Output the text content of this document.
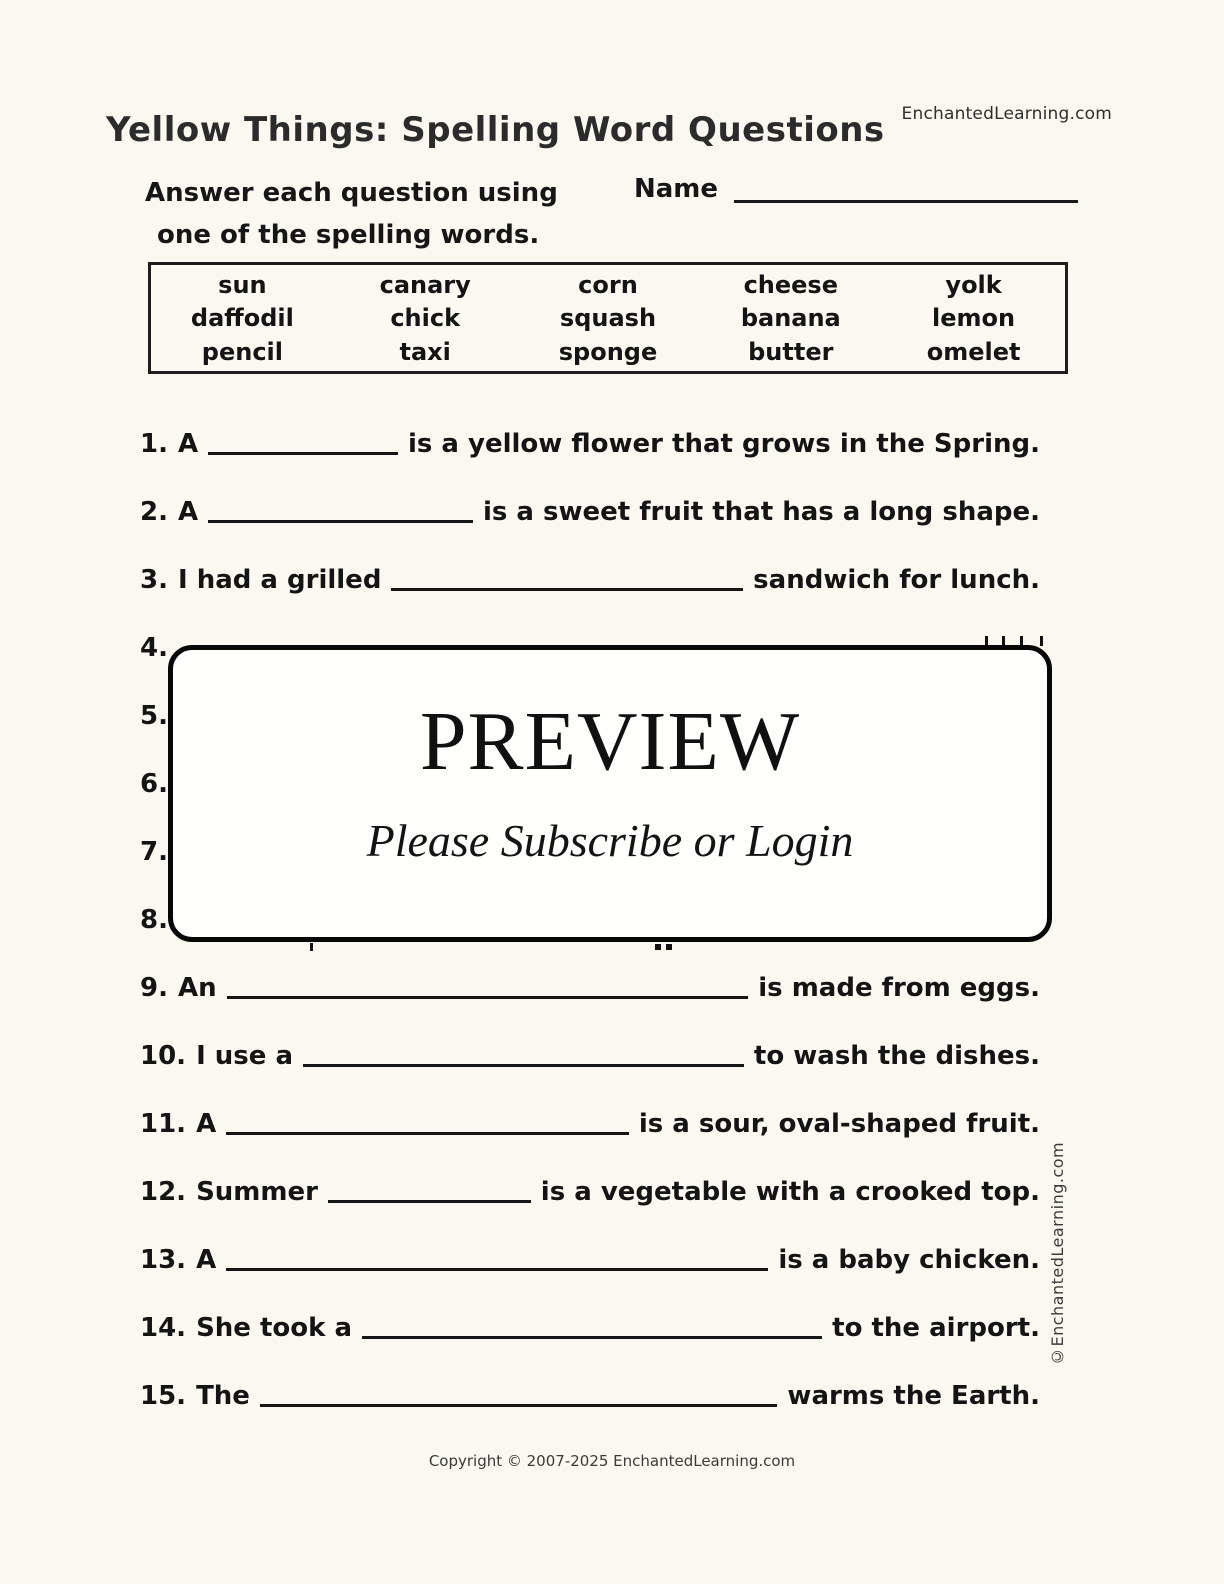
EnchantedLearning.com
Yellow Things: Spelling Word Questions
Answer each question using
one of the spelling words.
Name
sun	canary	corn	cheese	yolk
daffodil	chick	squash	banana	lemon
pencil	taxi	sponge	butter	omelet
1. A	is a yellow flower that grows in the Spring.
2. A	is a sweet fruit that has a long shape.
3. I had a grilled	sandwich for lunch.
4.
5.
6.
7.
8.
9. An	is made from eggs.
10. I use a	to wash the dishes.
11. A	is a sour, oval-shaped fruit.
12. Summer	is a vegetable with a crooked top.
13. A	is a baby chicken.
14. She took a	to the airport.
15. The	warms the Earth.
PREVIEW
Please Subscribe or Login
©EnchantedLearning.com
Copyright © 2007-2025 EnchantedLearning.com
